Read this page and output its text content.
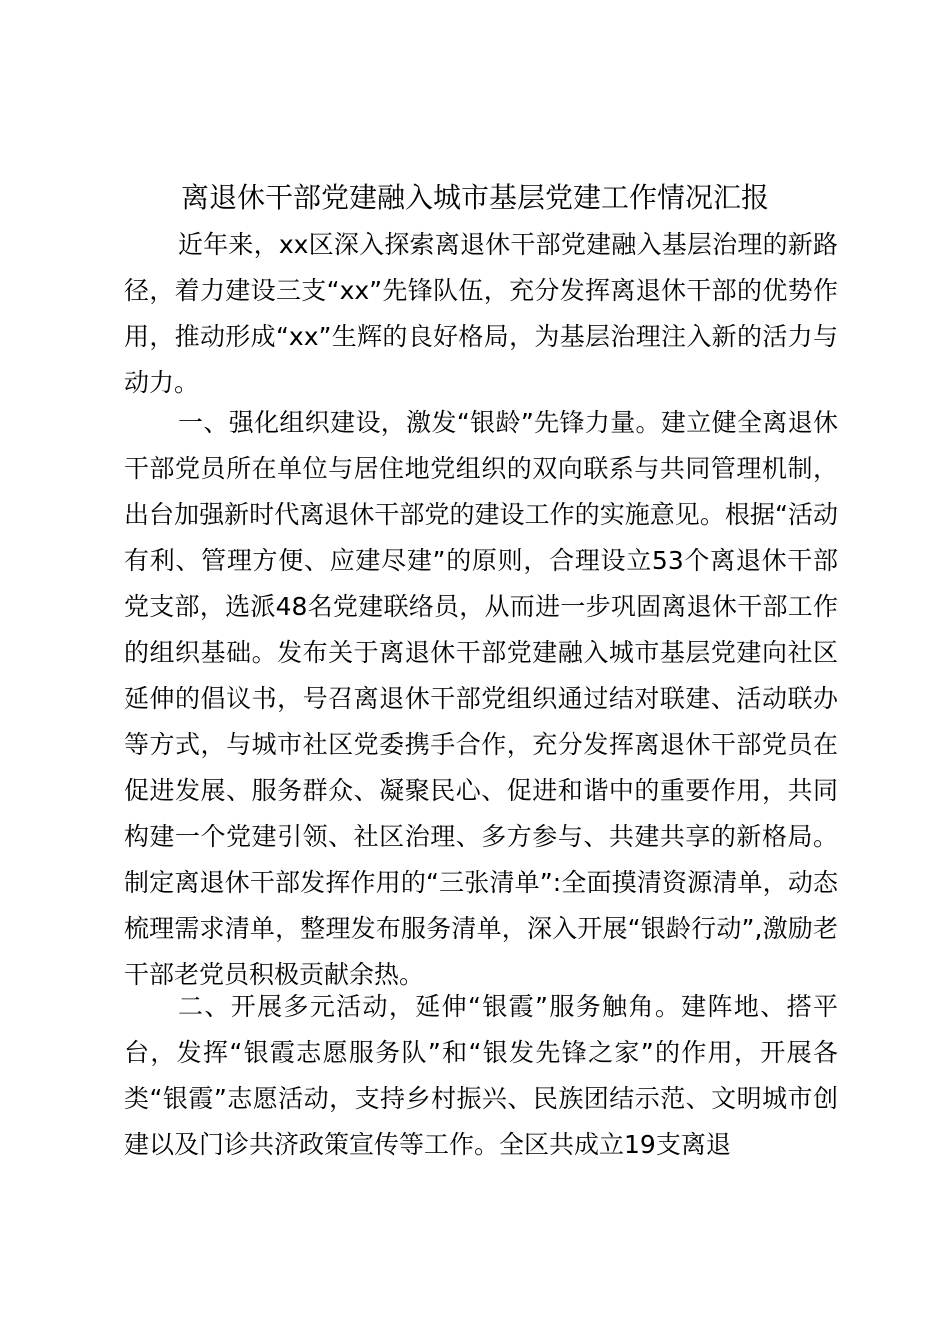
离退休干部党建融入城市基层党建工作情况汇报

近年来，xx区深入探索离退休干部党建融入基层治理的新路径，着力建设三支“xx”先锋队伍，充分发挥离退休干部的优势作用，推动形成“xx”生辉的良好格局，为基层治理注入新的活力与动力。

一、强化组织建设，激发“银龄”先锋力量。建立健全离退休干部党员所在单位与居住地党组织的双向联系与共同管理机制，出台加强新时代离退休干部党的建设工作的实施意见。根据“活动有利、管理方便、应建尽建”的原则，合理设立53个离退休干部党支部，选派48名党建联络员，从而进一步巩固离退休干部工作的组织基础。发布关于离退休干部党建融入城市基层党建向社区延伸的倡议书，号召离退休干部党组织通过结对联建、活动联办等方式，与城市社区党委携手合作，充分发挥离退休干部党员在促进发展、服务群众、凝聚民心、促进和谐中的重要作用，共同构建一个党建引领、社区治理、多方参与、共建共享的新格局。制定离退休干部发挥作用的“三张清单”:全面摸清资源清单，动态梳理需求清单，整理发布服务清单，深入开展“银龄行动”,激励老干部老党员积极贡献余热。

二、开展多元活动，延伸“银霞”服务触角。建阵地、搭平台，发挥“银霞志愿服务队”和“银发先锋之家”的作用，开展各类“银霞”志愿活动，支持乡村振兴、民族团结示范、文明城市创建以及门诊共济政策宣传等工作。全区共成立19支离退
